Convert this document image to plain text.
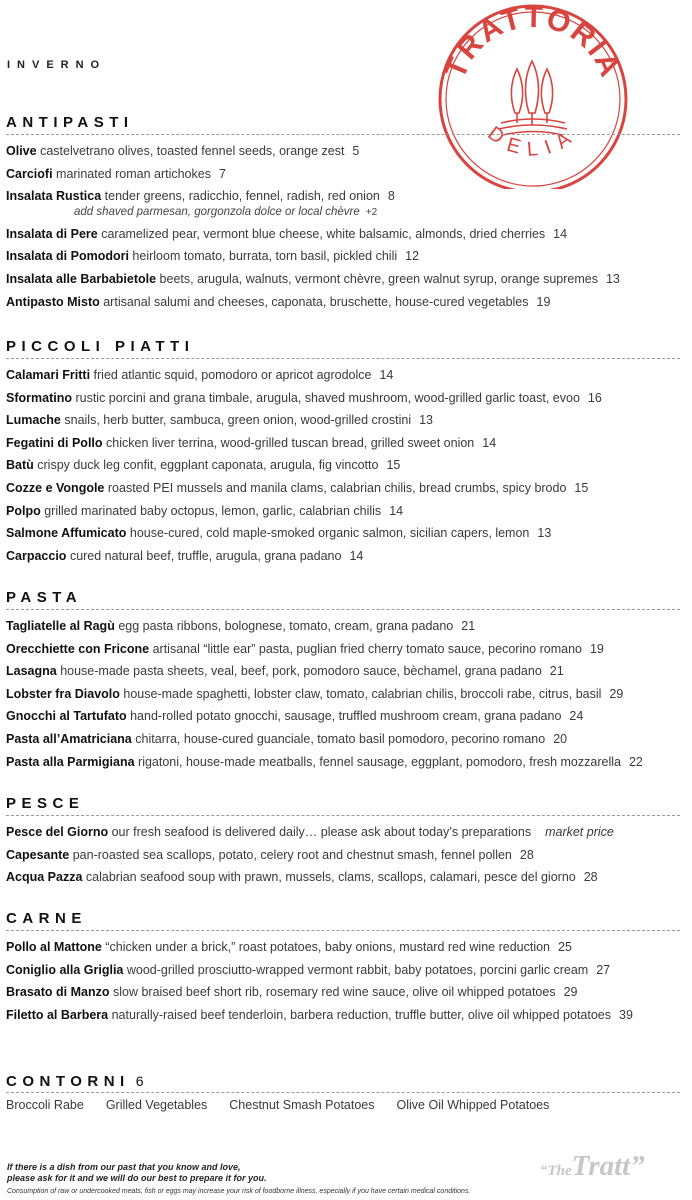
INVERNO	TRATTORIA
DELIA
ANTIPASTI
Olive castelvetrano olives, toasted fennel seeds, orange zest 5
Carciofi marinated roman artichokes 7
Insalata Rustica tender greens, radicchio, fennel, radish, red onion 8
add shaved parmesan, gorgonzola dolce or local chèvre +2
Insalata di Pere caramelized pear, vermont blue cheese, white balsamic, almonds, dried cherries 14
Insalata di Pomodori heirloom tomato, burrata, torn basil, pickled chili 12
Insalata alle Barbabietole beets, arugula, walnuts, vermont chèvre, green walnut syrup, orange supremes 13
Antipasto Misto artisanal salumi and cheeses, caponata, bruschette, house-cured vegetables 19
PICCOLI PIATTI
Calamari Fritti fried atlantic squid, pomodoro or apricot agrodolce 14
Sformatino rustic porcini and grana timbale, arugula, shaved mushroom, wood-grilled garlic toast, evoo 16
Lumache snails, herb butter, sambuca, green onion, wood-grilled crostini 13
Fegatini di Pollo chicken liver terrina, wood-grilled tuscan bread, grilled sweet onion 14
Batù crispy duck leg confit, eggplant caponata, arugula, fig vincotto 15
Cozze e Vongole roasted PEI mussels and manila clams, calabrian chilis, bread crumbs, spicy brodo 15
Polpo grilled marinated baby octopus, lemon, garlic, calabrian chilis 14
Salmone Affumicato house-cured, cold maple-smoked organic salmon, sicilian capers, lemon 13
Carpaccio cured natural beef, truffle, arugula, grana padano 14
PASTA
Tagliatelle al Ragù egg pasta ribbons, bolognese, tomato, cream, grana padano 21
Orecchiette con Fricone artisanal “little ear” pasta, puglian fried cherry tomato sauce, pecorino romano 19
Lasagna house-made pasta sheets, veal, beef, pork, pomodoro sauce, bèchamel, grana padano 21
Lobster fra Diavolo house-made spaghetti, lobster claw, tomato, calabrian chilis, broccoli rabe, citrus, basil 29
Gnocchi al Tartufato hand-rolled potato gnocchi, sausage, truffled mushroom cream, grana padano 24
Pasta all’Amatriciana chitarra, house-cured guanciale, tomato basil pomodoro, pecorino romano 20
Pasta alla Parmigiana rigatoni, house-made meatballs, fennel sausage, eggplant, pomodoro, fresh mozzarella 22
PESCE
Pesce del Giorno our fresh seafood is delivered daily… please ask about today’s preparations market price
Capesante pan-roasted sea scallops, potato, celery root and chestnut smash, fennel pollen 28
Acqua Pazza calabrian seafood soup with prawn, mussels, clams, scallops, calamari, pesce del giorno 28
CARNE
Pollo al Mattone “chicken under a brick,” roast potatoes, baby onions, mustard red wine reduction 25
Coniglio alla Griglia wood-grilled prosciutto-wrapped vermont rabbit, baby potatoes, porcini garlic cream 27
Brasato di Manzo slow braised beef short rib, rosemary red wine sauce, olive oil whipped potatoes 29
Filetto al Barbera naturally-raised beef tenderloin, barbera reduction, truffle butter, olive oil whipped potatoes 39
CONTORNI 6
Broccoli Rabe Grilled Vegetables Chestnut Smash Potatoes Olive Oil Whipped Potatoes
If there is a dish from our past that you know and love,
please ask for it and we will do our best to prepare it for you.
Consumption of raw or undercooked meats, fish or eggs may increase your risk of foodborne illness, especially if you have certain medical conditions.
“TheTratt”
